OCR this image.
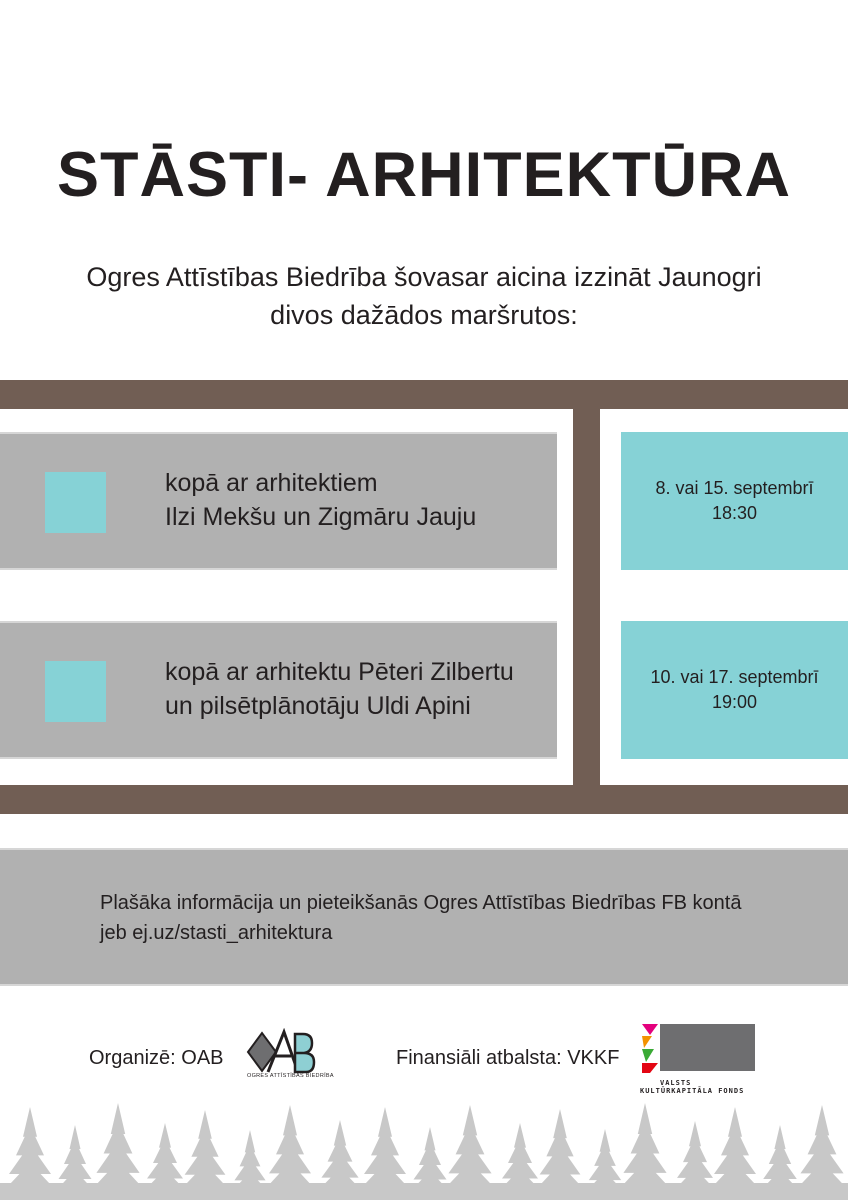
STĀSTI- ARHITEKTŪRA
Ogres Attīstības Biedrība šovasar aicina izzināt Jaunogri
divos dažādos maršrutos:
kopā ar arhitektiem
Ilzi Mekšu un Zigmāru Jauju
8. vai 15. septembrī
18:30
kopā ar arhitektu Pēteri Zilbertu
un pilsētplānotāju Uldi Apini
10. vai 17. septembrī
19:00
Plašāka informācija un pieteikšanās Ogres Attīstības Biedrības FB kontā
jeb ej.uz/stasti_arhitektura
Organizē: OAB
OGRES ATTĪSTĪBAS BIEDRĪBA
Finansiāli atbalsta: VKKF
VALSTS
KULTŪRKAPITĀLA FONDS
